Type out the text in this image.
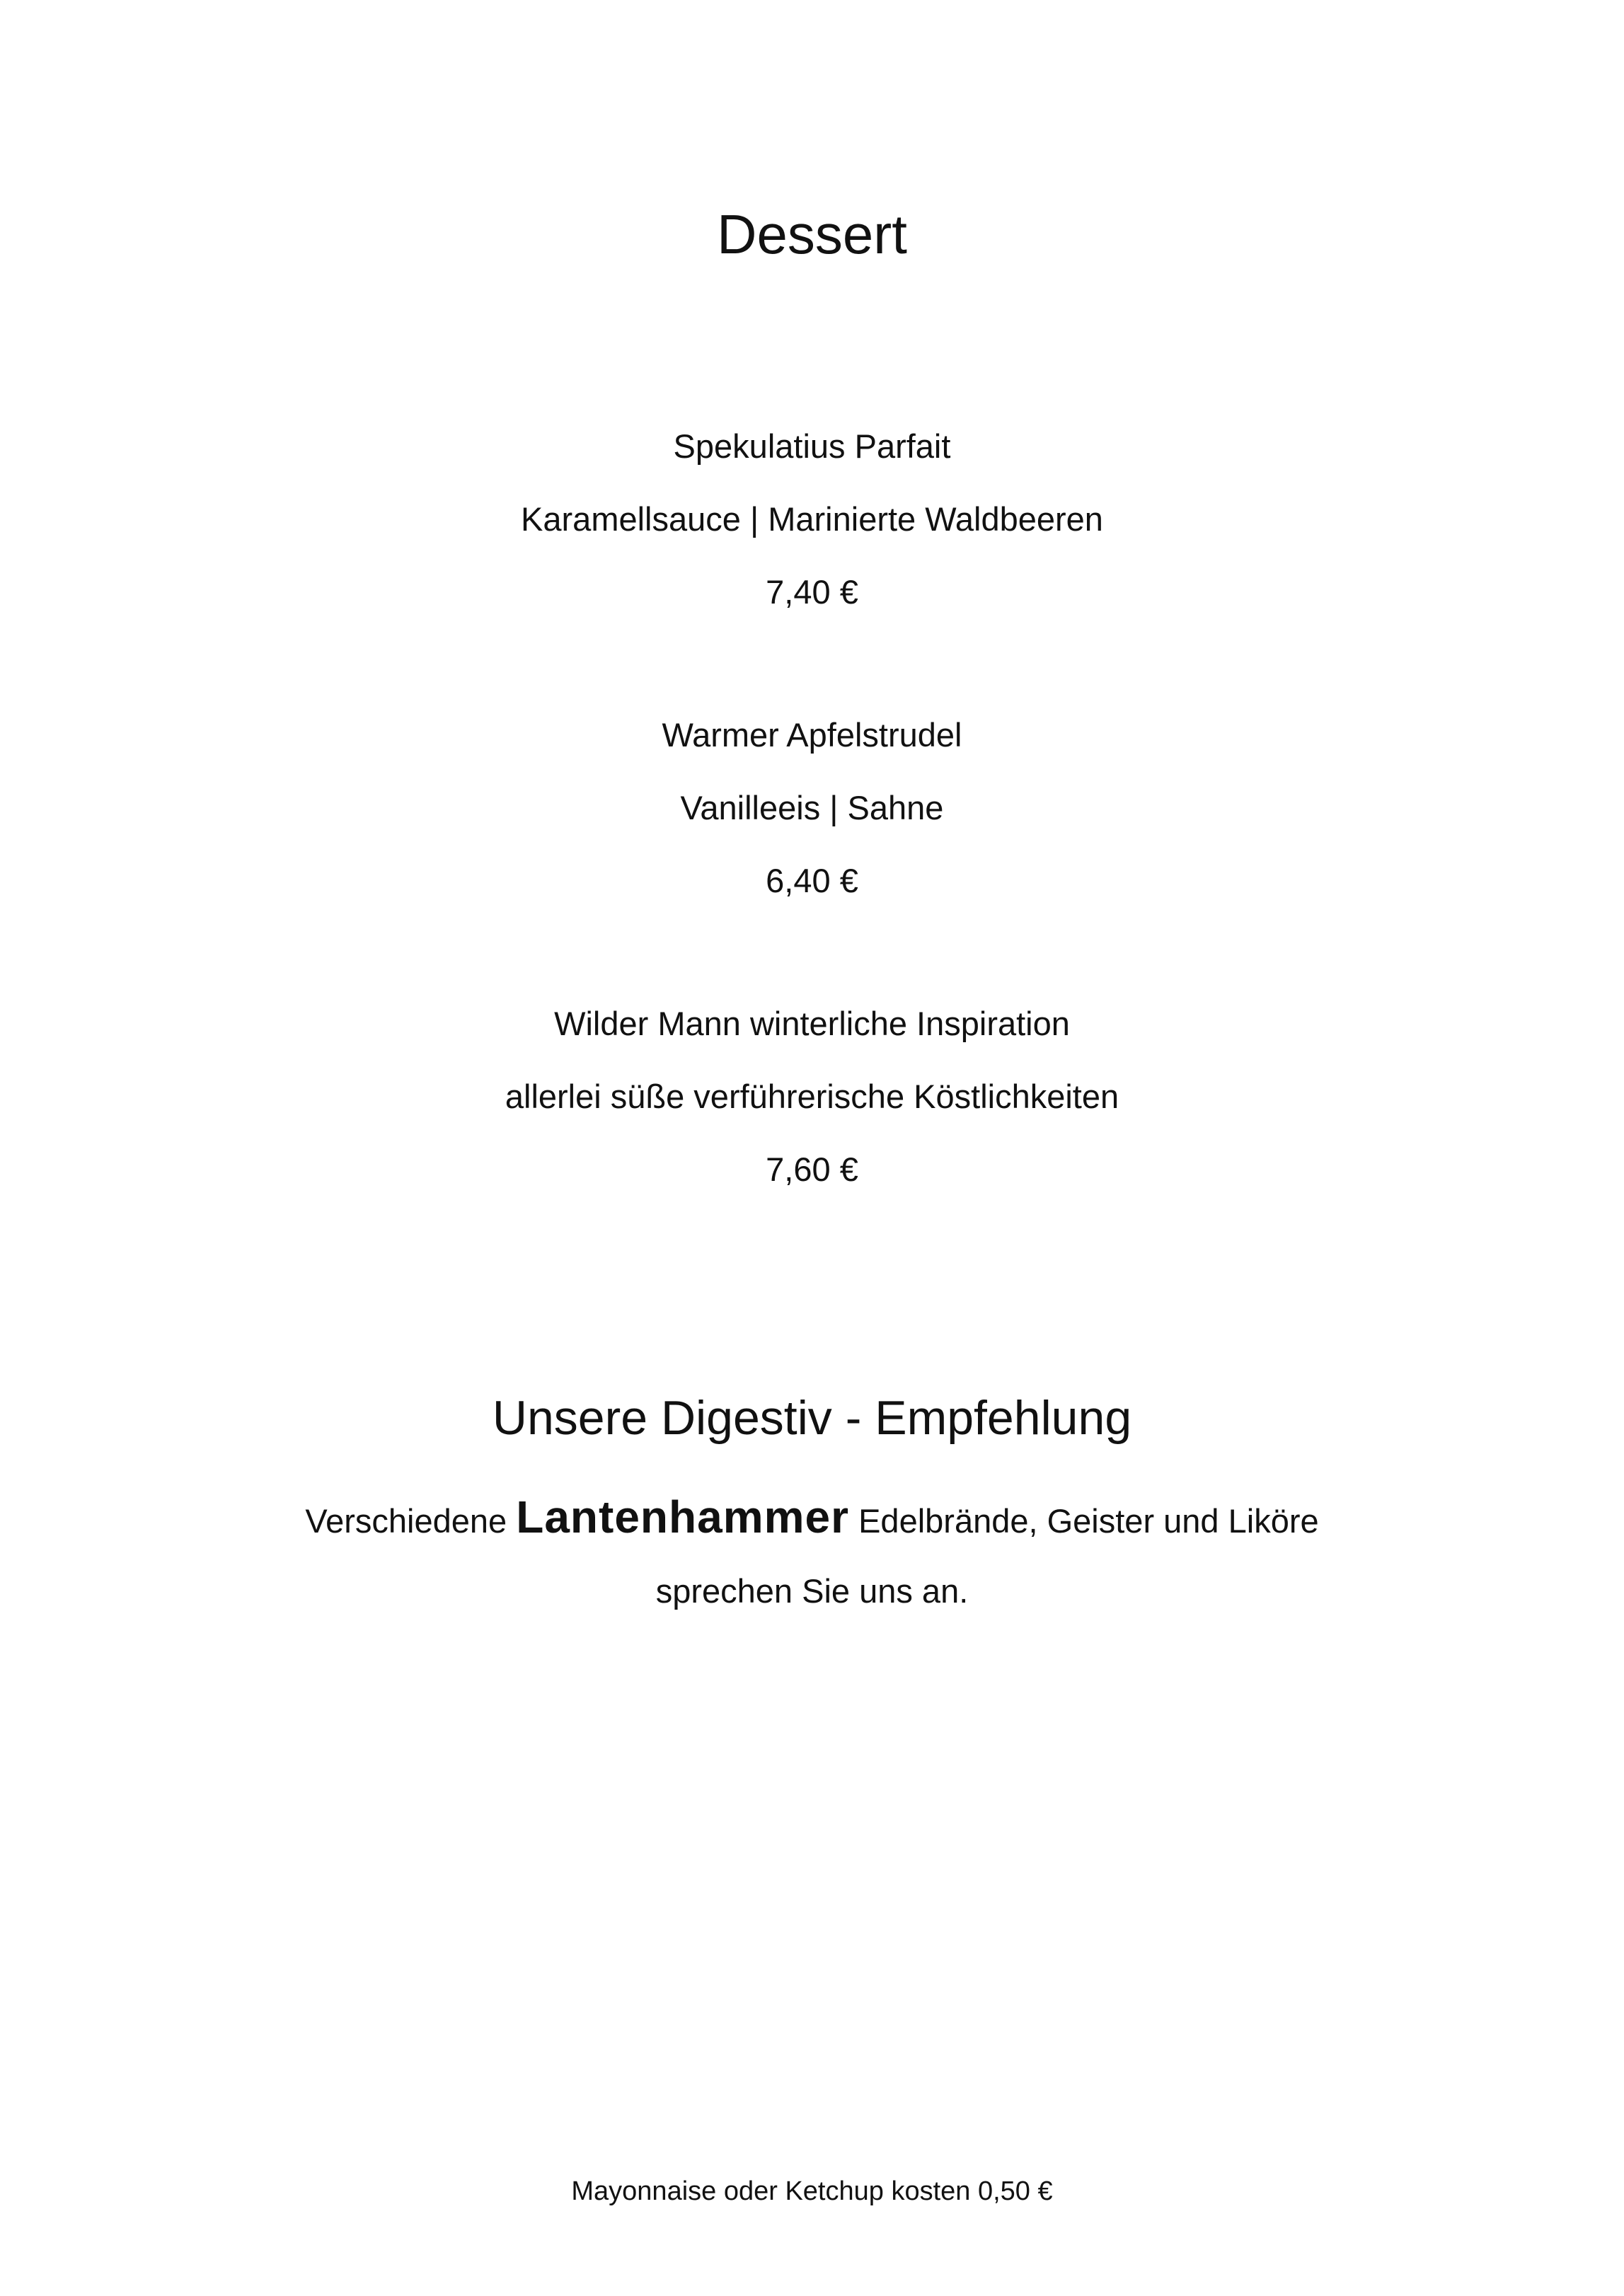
Dessert
Spekulatius Parfait
Karamellsauce | Marinierte Waldbeeren
7,40 €
Warmer Apfelstrudel
Vanilleeis | Sahne
6,40 €
Wilder Mann winterliche Inspiration
allerlei süße verführerische Köstlichkeiten
7,60 €
Unsere Digestiv - Empfehlung
Verschiedene Lantenhammer Edelbrände, Geister und Liköre
sprechen Sie uns an.
Mayonnaise oder Ketchup kosten 0,50 €
